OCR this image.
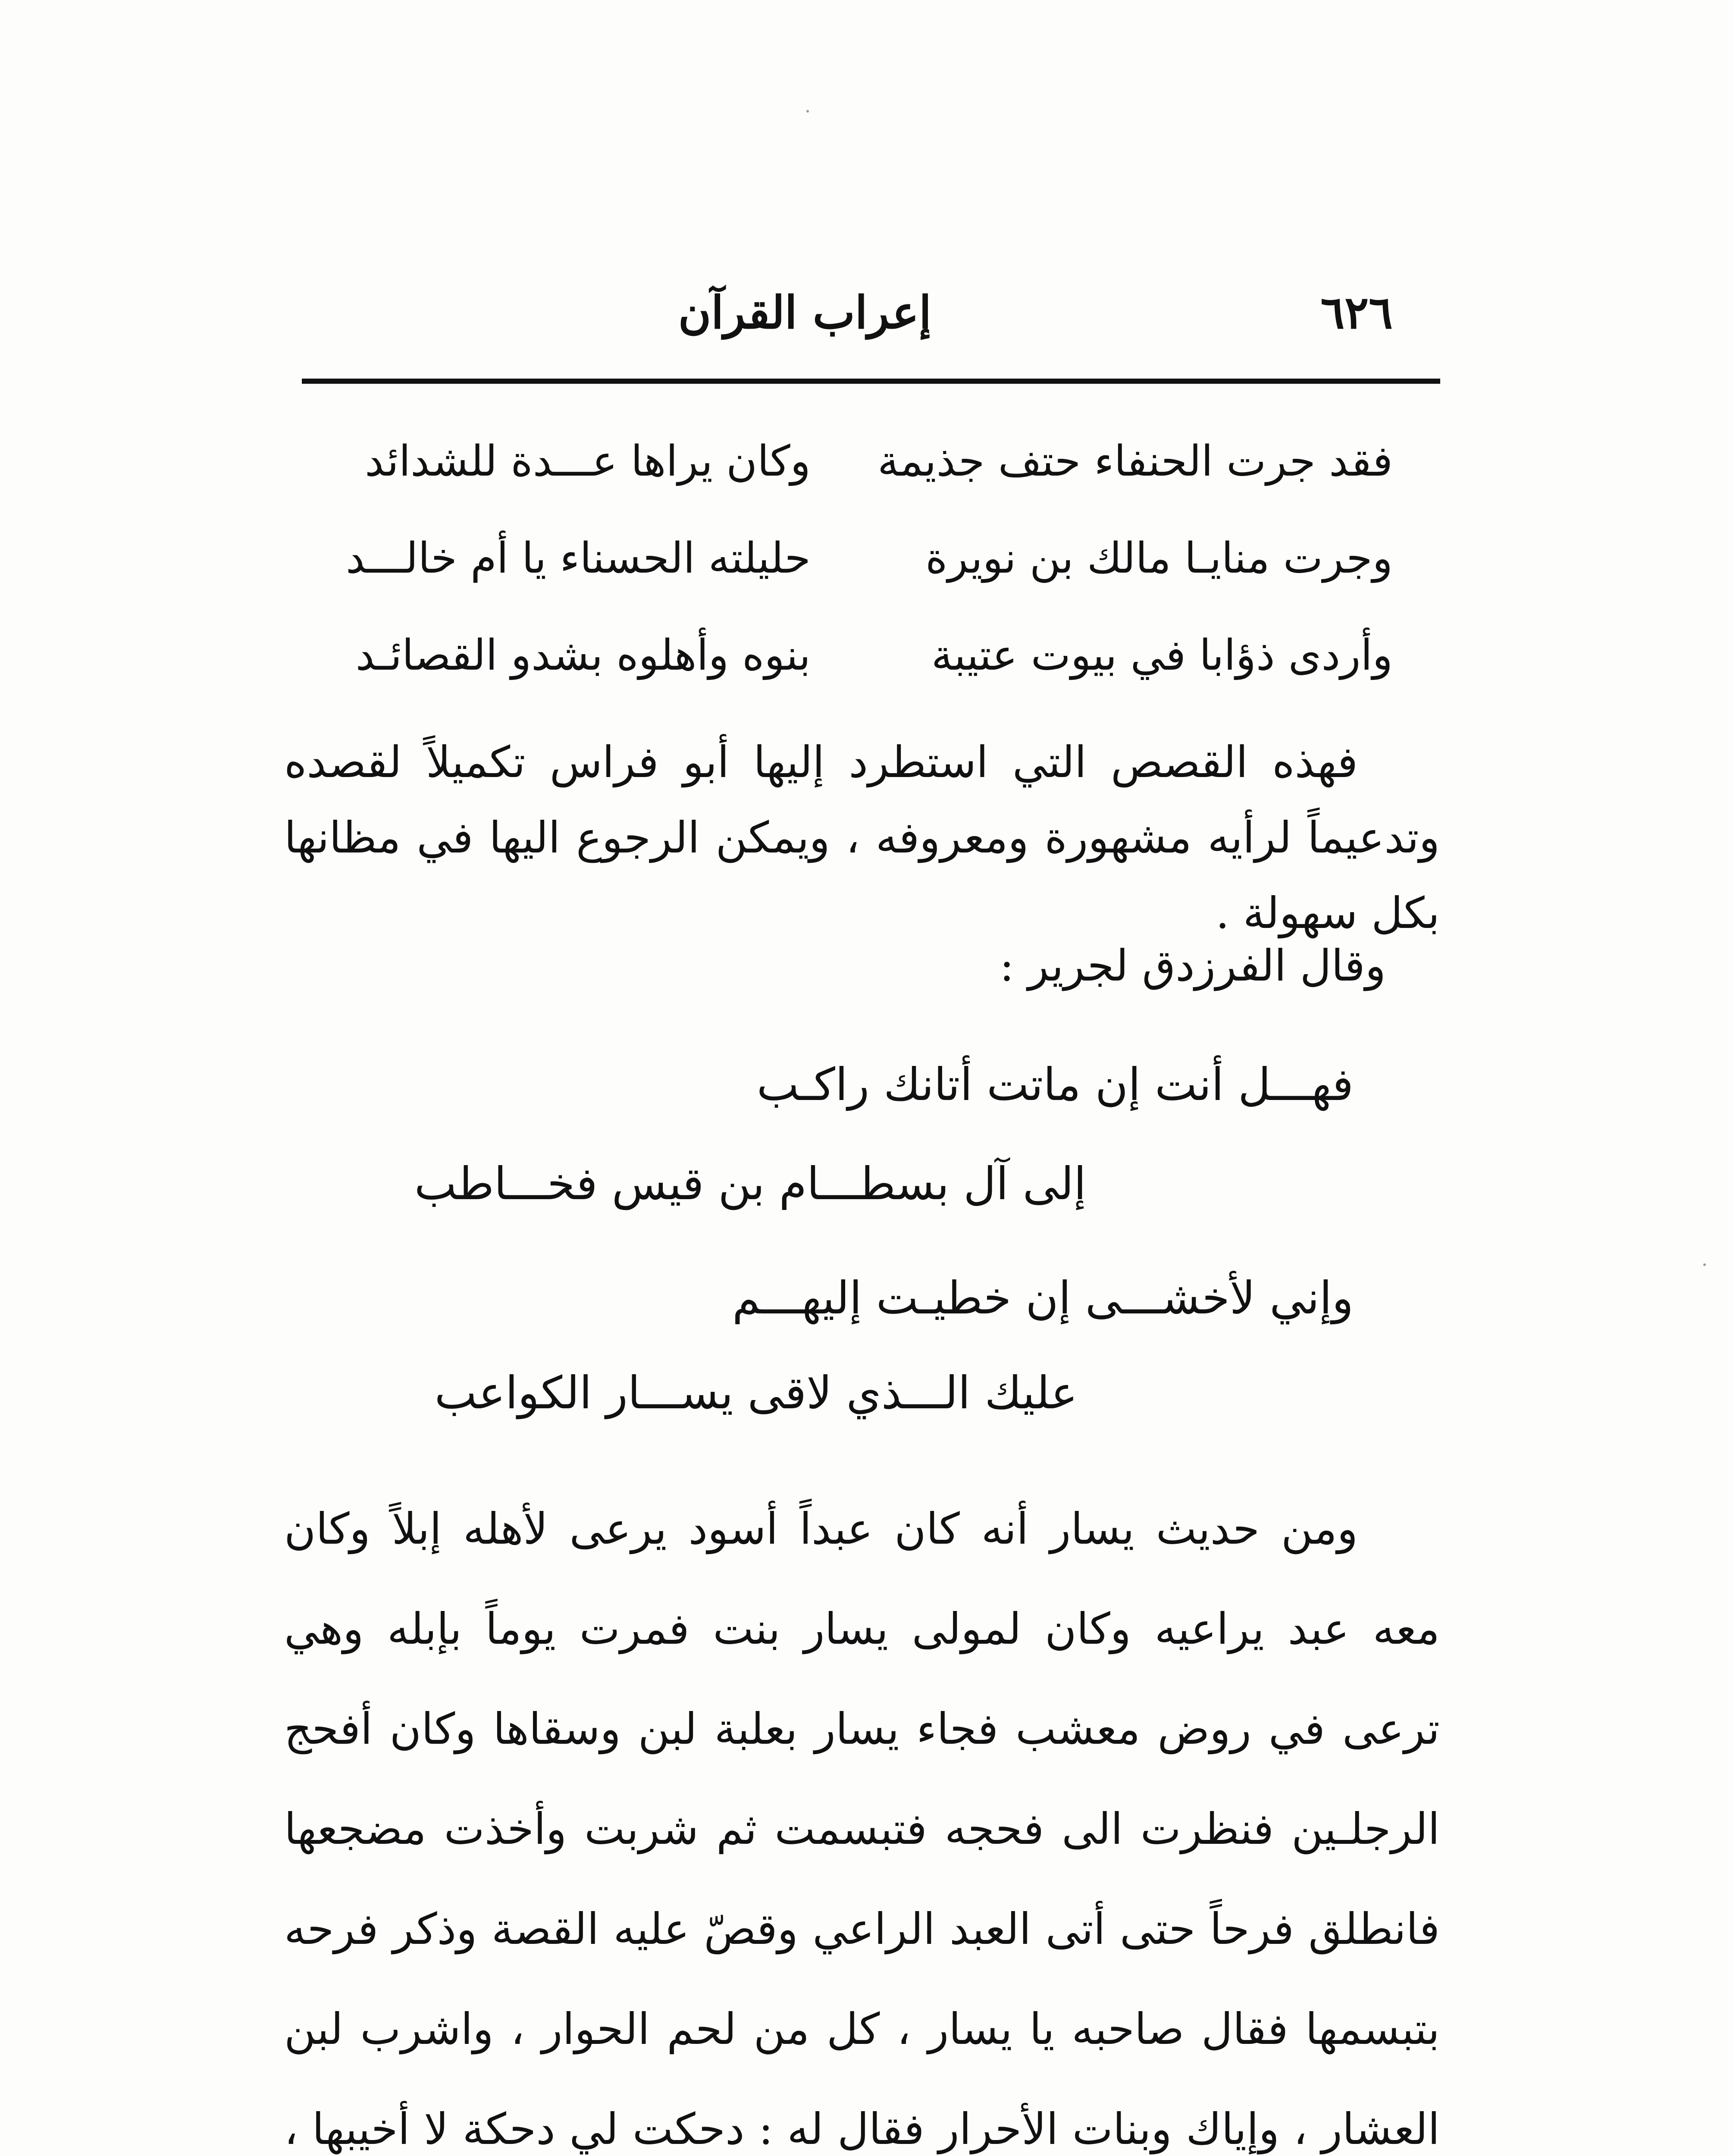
٦٢٦
إعراب القرآن
فقد جرت الحنفاء حتف جذيمة
وكان يراها عـــدة للشدائد
وجرت منايـا مالك بن نويرة
حليلته الحسناء يا أم خالـــد
وأردى ذؤابا في بيوت عتيبة
بنوه وأهلوه بشدو القصائـد
فهذه القصص التي استطرد إليها أبو فراس تكميلاً لقصده وتدعيماً لرأيه مشهورة ومعروفه ، ويمكن الرجوع اليها في مظانها بكل سهولة .
وقال الفرزدق لجرير :
فهـــل أنت إن ماتت أتانك راكـب
إلى آل بسطـــام بن قيس فخـــاطب
وإني لأخشـــى إن خطيـت إليهـــم
عليك الـــذي لاقى يســـار الكواعب
ومن حديث يسار أنه كان عبداً أسود يرعى لأهله إبلاً وكان معه عبد يراعيه وكان لمولى يسار بنت فمرت يوماً بإبله وهي ترعى في روض معشب فجاء يسار بعلبة لبن وسقاها وكان أفحج الرجلـين فنظرت الى فحجه فتبسمت ثم شربت وأخذت مضجعها فانطلق فرحاً حتى أتى العبد الراعي وقصّ عليه القصة وذكر فرحه بتبسمها فقال صاحبه يا يسار ، كل من لحم الحوار ، واشرب لبن العشار ، وإياك وبنات الأحرار فقال له : دحكت لي دحكة لا أخيبها ،
